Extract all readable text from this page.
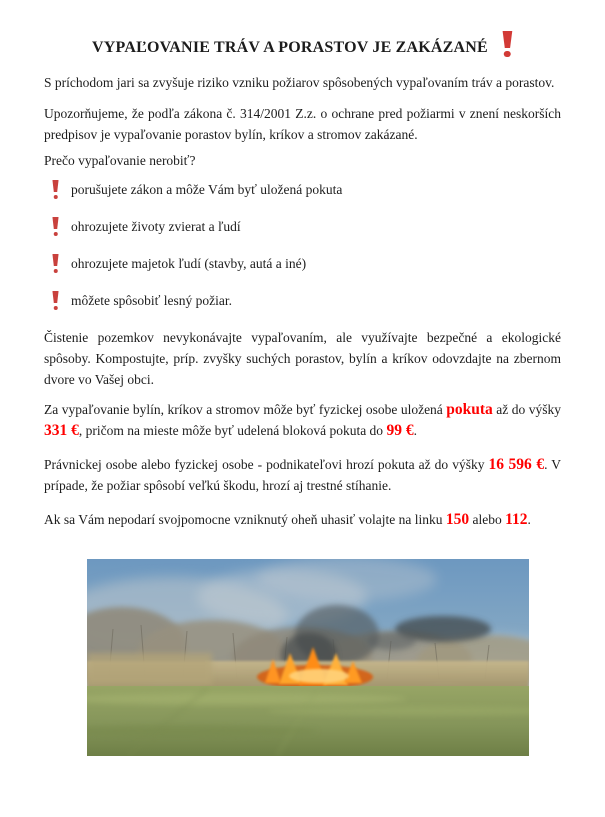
VYPAĽOVANIE TRÁV A PORASTOV JE ZAKÁZANÉ

S príchodom jari sa zvyšuje riziko vzniku požiarov spôsobených vypaľovaním tráv a porastov.

Upozorňujeme, že podľa zákona č. 314/2001 Z.z. o ochrane pred požiarmi v znení neskorších predpisov je vypaľovanie porastov bylín, kríkov a stromov zakázané.

Prečo vypaľovanie nerobiť?

porušujete zákon a môže Vám byť uložená pokuta
ohrozujete životy zvierat a ľudí
ohrozujete majetok ľudí (stavby, autá a iné)
môžete spôsobiť lesný požiar.

Čistenie pozemkov nevykonávajte vypaľovaním, ale využívajte bezpečné a ekologické spôsoby. Kompostujte, príp. zvyšky suchých porastov, bylín a kríkov odovzdajte na zbernom dvore vo Vašej obci.

Za vypaľovanie bylín, kríkov a stromov môže byť fyzickej osobe uložená pokuta až do výšky 331 €, pričom na mieste môže byť udelená bloková pokuta do 99 €.

Právnickej osobe alebo fyzickej osobe - podnikateľovi hrozí pokuta až do výšky 16 596 €. V prípade, že požiar spôsobí veľkú škodu, hrozí aj trestné stíhanie.

Ak sa Vám nepodarí svojpomocne vzniknutý oheň uhasiť volajte na linku 150 alebo 112.
